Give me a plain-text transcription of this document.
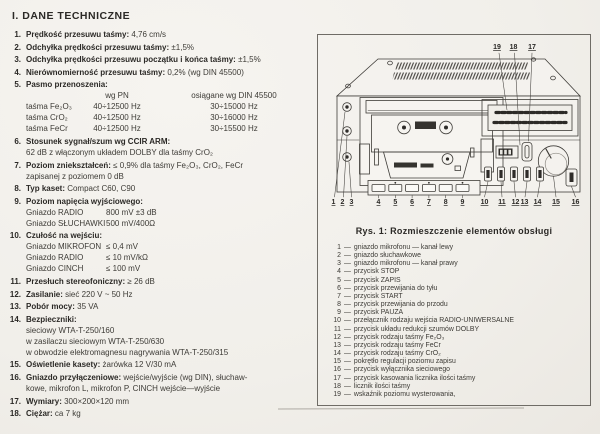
I. DANE TECHNICZNE
1. Prędkość przesuwu taśmy: 4,76 cm/s
2. Odchyłka prędkości przesuwu taśmy: ±1,5%
3. Odchyłka prędkości przesuwu początku i końca taśmy: ±1,5%
4. Nierównomierność przesuwu taśmy: 0,2% (wg DIN 45500)
5. Pasmo przenoszenia:
wg PN	osiągane wg DIN 45500
taśma Fe₂O₃	40÷12500 Hz	30÷15000 Hz
taśma CrO₂	40÷12500 Hz	30÷16000 Hz
taśma FeCr	40÷12500 Hz	30÷15500 Hz
6. Stosunek sygnał/szum wg CCIR ARM:
62 dB z włączonym układem DOLBY dla taśmy CrO₂
7. Poziom zniekształceń: ≤ 0,9% dla taśmy Fe₂O₃, CrO₂, FeCr
zapisanej z poziomem 0 dB
8. Typ kaset: Compact C60, C90
9. Poziom napięcia wyjściowego:
Gniazdo RADIO	800 mV ±3 dB
Gniazdo SŁUCHAWKI500 mV/400Ω
10. Czułość na wejściu:
Gniazdo MIKROFON ≤ 0,4 mV
Gniazdo RADIO	≤ 10 mV/kΩ
Gniazdo CINCH	≤ 100 mV
11. Przesłuch stereofoniczny: ≥ 26 dB
12. Zasilanie: sieć 220 V ~ 50 Hz
13. Pobór mocy: 35 VA
14. Bezpieczniki:
sieciowy WTA-T-250/160
w zasilaczu sieciowym WTA-T-250/630
w obwodzie elektromagnesu nagrywania WTA-T-250/315
15. Oświetlenie kasety: żarówka 12 V/30 mA
16. Gniazdo przyłączeniowe: wejście/wyjście (wg DIN), słuchaw-
kowe, mikrofon L, mikrofon P, CINCH wejście—wyjście
17. Wymiary: 300×200×120 mm
18. Ciężar: ca 7 kg
19 18 17
1 2 3	4 5 6 7 8 9 10 11 12 13 14 15 16
Rys. 1: Rozmieszczenie elementów obsługi
1 — gniazdo mikrofonu — kanał lewy
2 — gniazdo słuchawkowe
3 — gniazdo mikrofonu — kanał prawy
4 — przycisk STOP
5 — przycisk ZAPIS
6 — przycisk przewijania do tyłu
7 — przycisk START
8 — przycisk przewijania do przodu
9 — przycisk PAUZA
10 — przełącznik rodzaju wejścia RADIO-UNIWERSALNE
11 — przycisk układu redukcji szumów DOLBY
12 — przycisk rodzaju taśmy Fe₂O₃
13 — przycisk rodzaju taśmy FeCr
14 — przycisk rodzaju taśmy CrO₂
15 — pokrętło regulacji poziomu zapisu
16 — przycisk wyłącznika sieciowego
17 — przycisk kasowania licznika ilości taśmy
18 — licznik ilości taśmy
19 — wskaźnik poziomu wysterowania,
